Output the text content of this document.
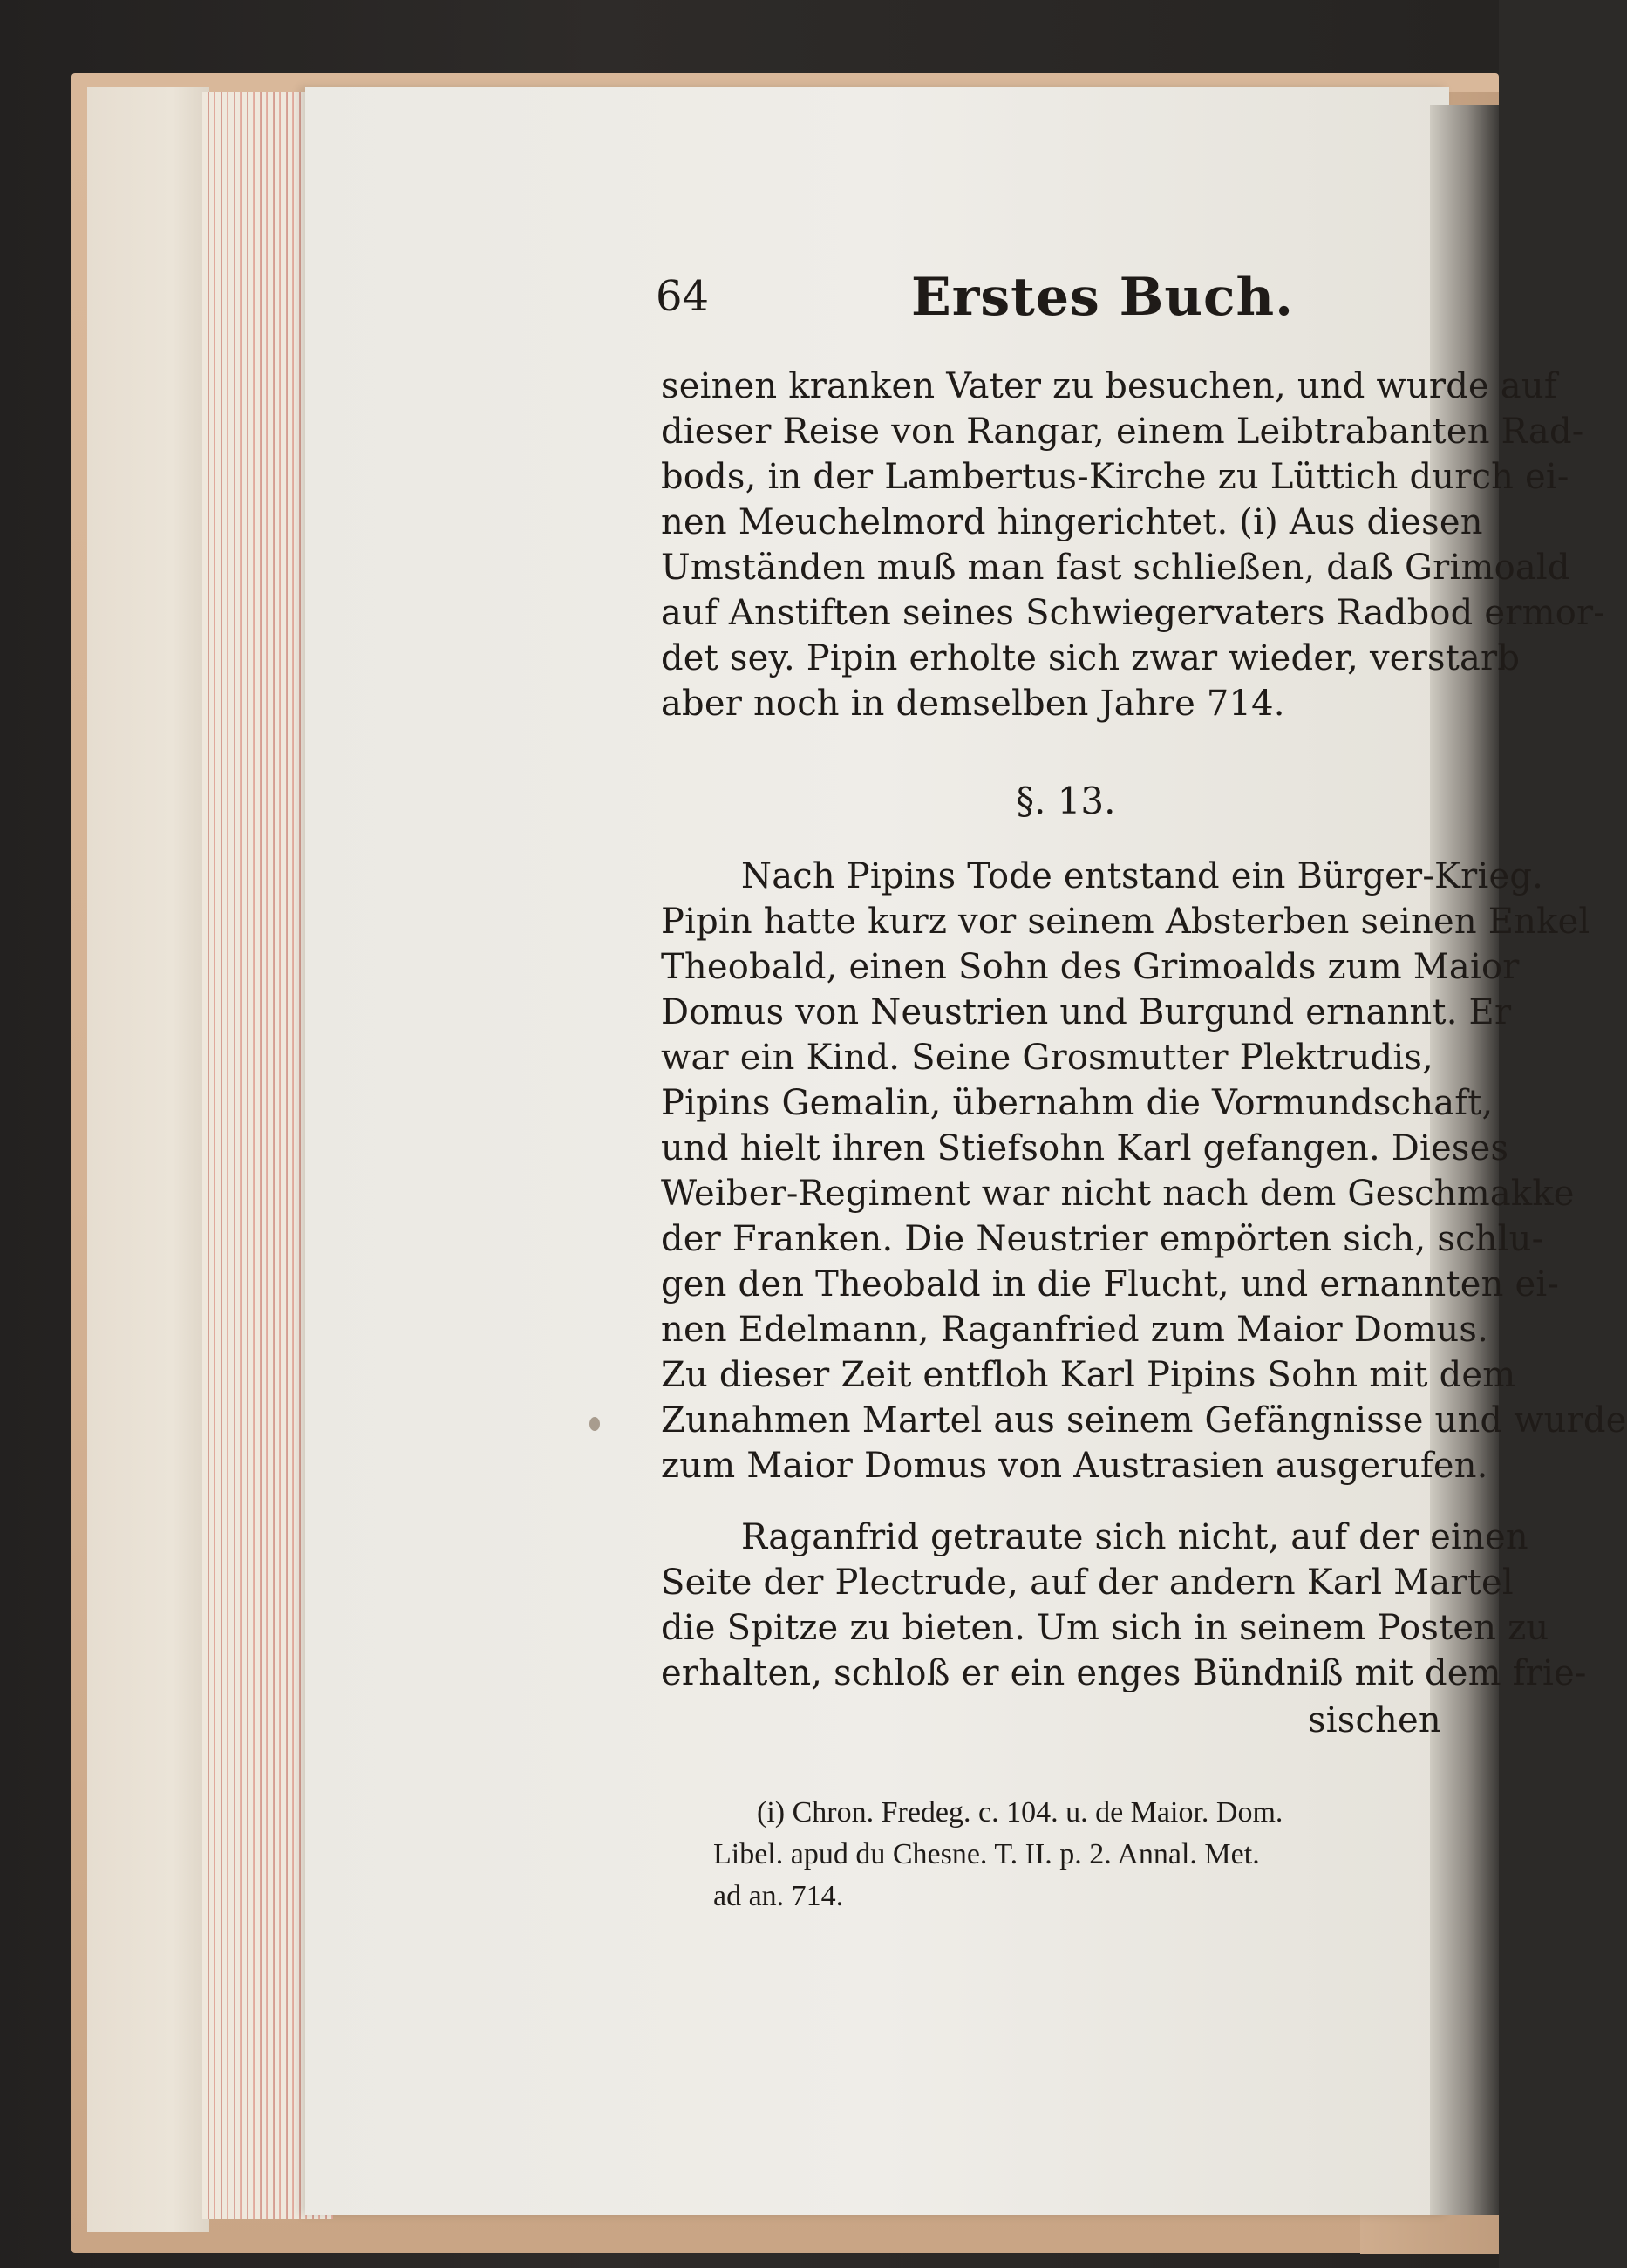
64	Erstes Buch.
seinen kranken Vater zu besuchen, und wurde auf
dieser Reise von Rangar, einem Leibtrabanten Rad-
bods, in der Lambertus-Kirche zu Lüttich durch ei-
nen Meuchelmord hingerichtet. (i) Aus diesen
Umständen muß man fast schließen, daß Grimoald
auf Anstiften seines Schwiegervaters Radbod ermor-
det sey. Pipin erholte sich zwar wieder, verstarb
aber noch in demselben Jahre 714.
§. 13.
Nach Pipins Tode entstand ein Bürger-Krieg.
Pipin hatte kurz vor seinem Absterben seinen Enkel
Theobald, einen Sohn des Grimoalds zum Maior
Domus von Neustrien und Burgund ernannt. Er
war ein Kind. Seine Grosmutter Plektrudis,
Pipins Gemalin, übernahm die Vormundschaft,
und hielt ihren Stiefsohn Karl gefangen. Dieses
Weiber-Regiment war nicht nach dem Geschmakke
der Franken. Die Neustrier empörten sich, schlu-
gen den Theobald in die Flucht, und ernannten ei-
nen Edelmann, Raganfried zum Maior Domus.
Zu dieser Zeit entfloh Karl Pipins Sohn mit dem
Zunahmen Martel aus seinem Gefängnisse und wurde
zum Maior Domus von Austrasien ausgerufen.
Raganfrid getraute sich nicht, auf der einen
Seite der Plectrude, auf der andern Karl Martel
die Spitze zu bieten. Um sich in seinem Posten zu
erhalten, schloß er ein enges Bündniß mit dem frie-
sischen
(i) Chron. Fredeg. c. 104. u. de Maior. Dom.
Libel. apud du Chesne. T. II. p. 2. Annal. Met.
ad an. 714.
